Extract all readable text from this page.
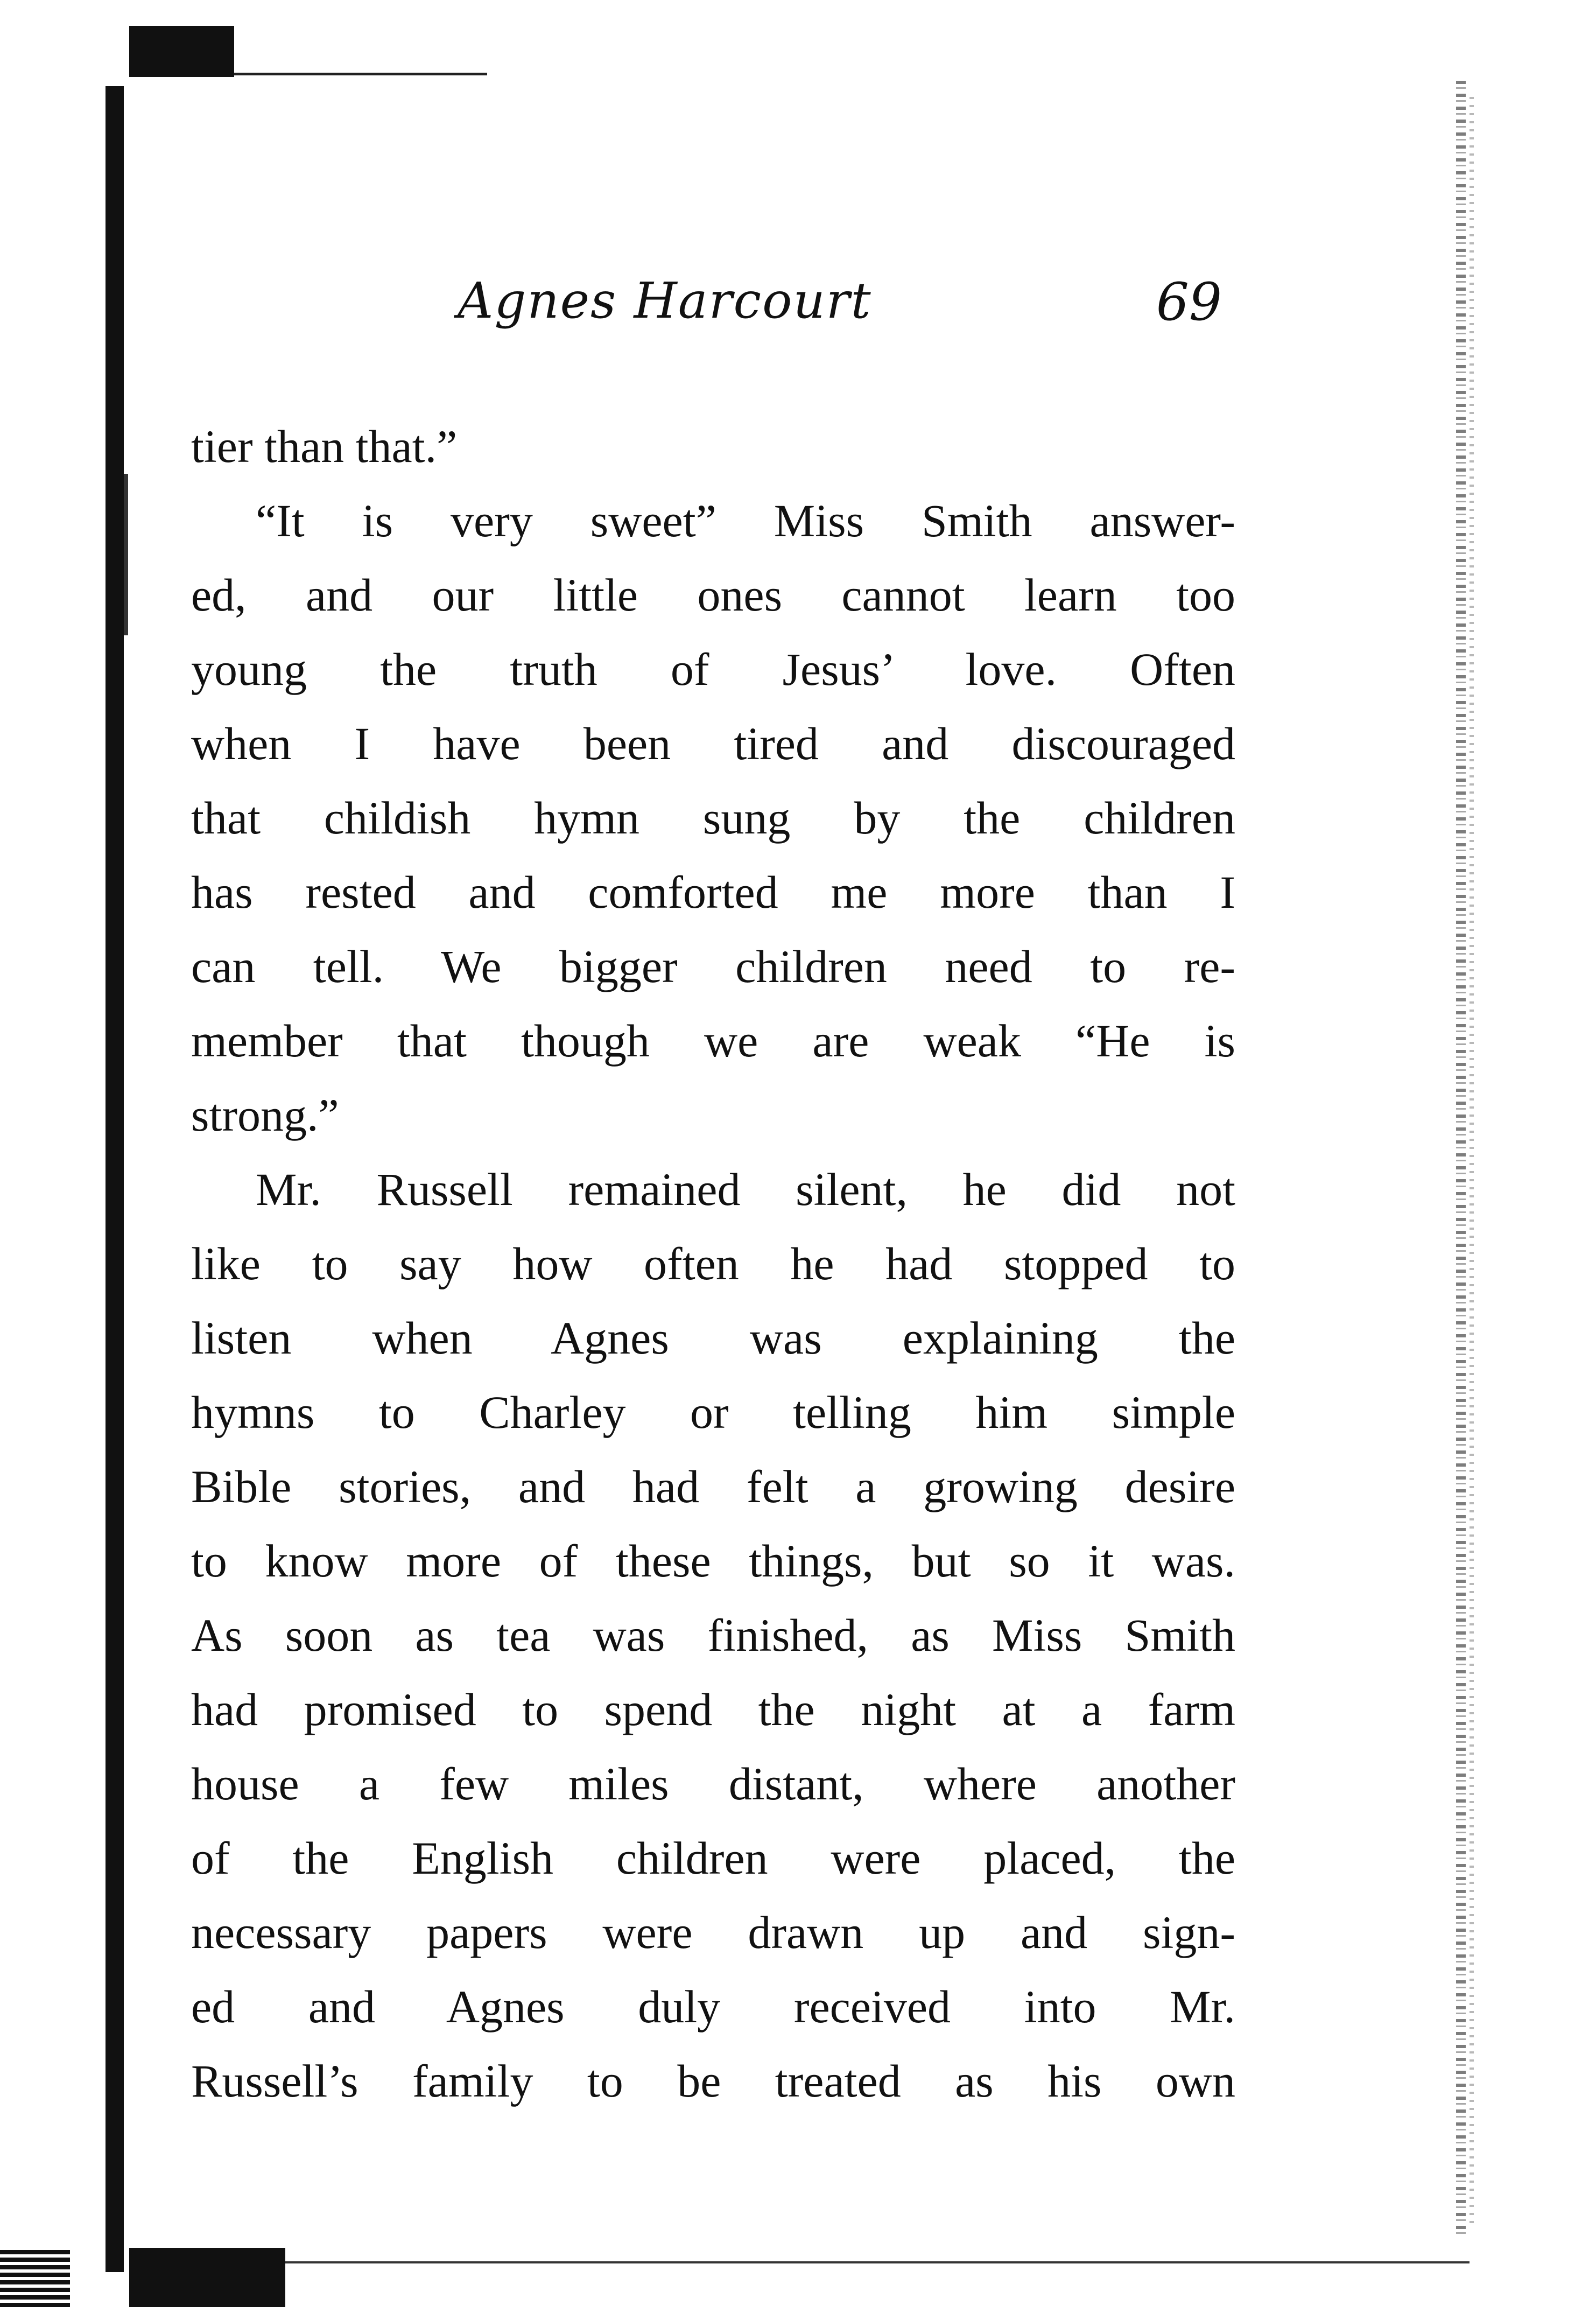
Agnes Harcourt	69
tier than that.”
“It is very sweet” Miss Smith answer-
ed, and our little ones cannot learn too
young the truth of Jesus’ love. Often
when I have been tired and discouraged
that childish hymn sung by the children
has rested and comforted me more than I
can tell. We bigger children need to re-
member that though we are weak “He is
strong.”
Mr. Russell remained silent, he did not
like to say how often he had stopped to
listen when Agnes was explaining the
hymns to Charley or telling him simple
Bible stories, and had felt a growing desire
to know more of these things, but so it was.
As soon as tea was finished, as Miss Smith
had promised to spend the night at a farm
house a few miles distant, where another
of the English children were placed, the
necessary papers were drawn up and sign-
ed and Agnes duly received into Mr.
Russell’s family to be treated as his own
